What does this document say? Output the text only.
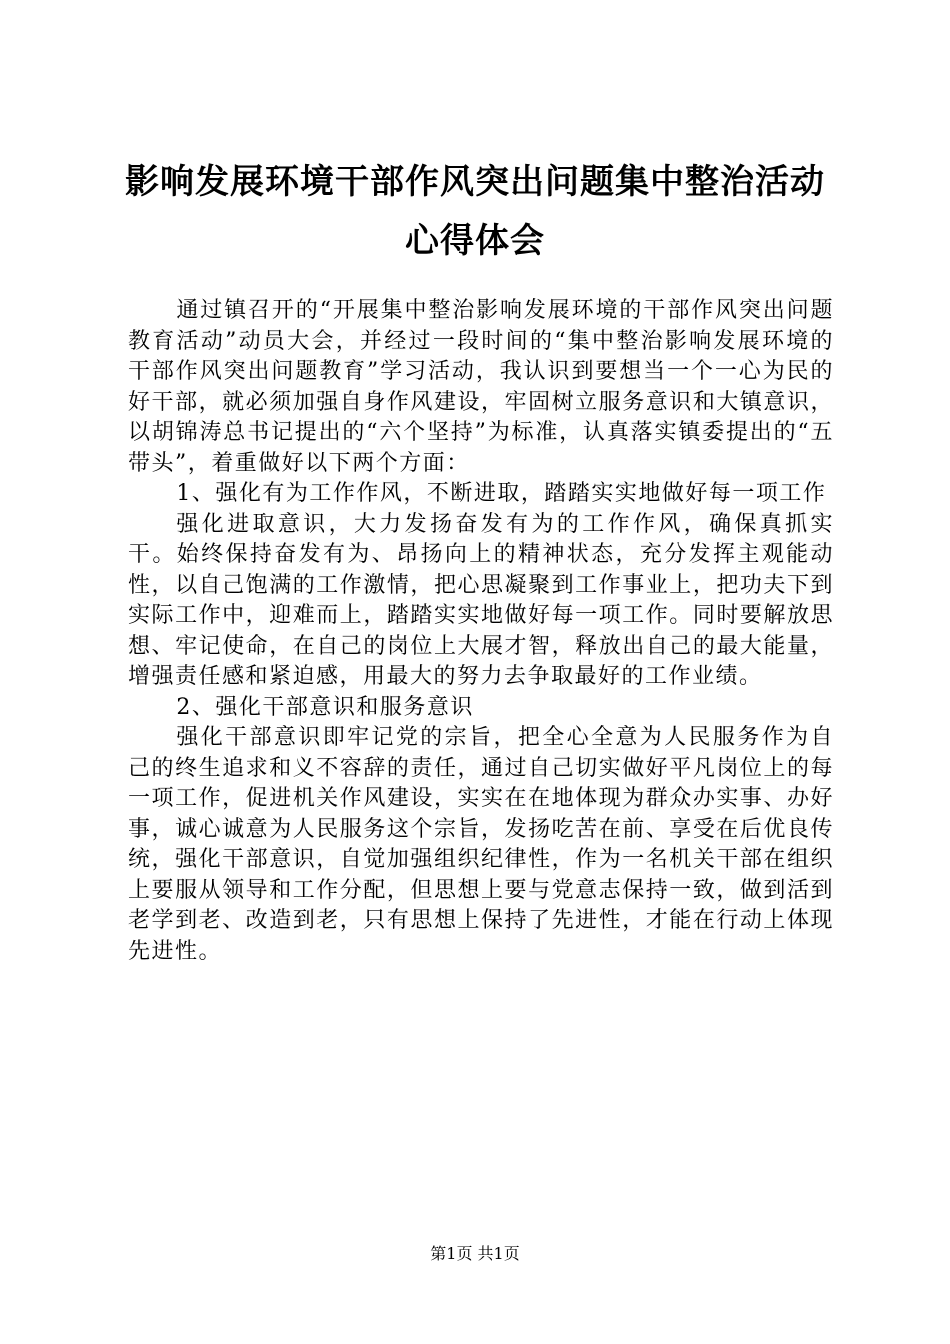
影响发展环境干部作风突出问题集中整治活动
心得体会

通过镇召开的“开展集中整治影响发展环境的干部作风突出问题教育活动”动员大会，并经过一段时间的“集中整治影响发展环境的干部作风突出问题教育”学习活动，我认识到要想当一个一心为民的好干部，就必须加强自身作风建设，牢固树立服务意识和大镇意识，以胡锦涛总书记提出的“六个坚持”为标准，认真落实镇委提出的“五带头”，着重做好以下两个方面：

1、强化有为工作作风，不断进取，踏踏实实地做好每一项工作

强化进取意识，大力发扬奋发有为的工作作风，确保真抓实干。始终保持奋发有为、昂扬向上的精神状态，充分发挥主观能动性，以自己饱满的工作激情，把心思凝聚到工作事业上，把功夫下到实际工作中，迎难而上，踏踏实实地做好每一项工作。同时要解放思想、牢记使命，在自己的岗位上大展才智，释放出自己的最大能量，增强责任感和紧迫感，用最大的努力去争取最好的工作业绩。

2、强化干部意识和服务意识

强化干部意识即牢记党的宗旨，把全心全意为人民服务作为自己的终生追求和义不容辞的责任，通过自己切实做好平凡岗位上的每一项工作，促进机关作风建设，实实在在地体现为群众办实事、办好事，诚心诚意为人民服务这个宗旨，发扬吃苦在前、享受在后优良传统，强化干部意识，自觉加强组织纪律性，作为一名机关干部在组织上要服从领导和工作分配，但思想上要与党意志保持一致，做到活到老学到老、改造到老，只有思想上保持了先进性，才能在行动上体现先进性。

第1页 共1页
